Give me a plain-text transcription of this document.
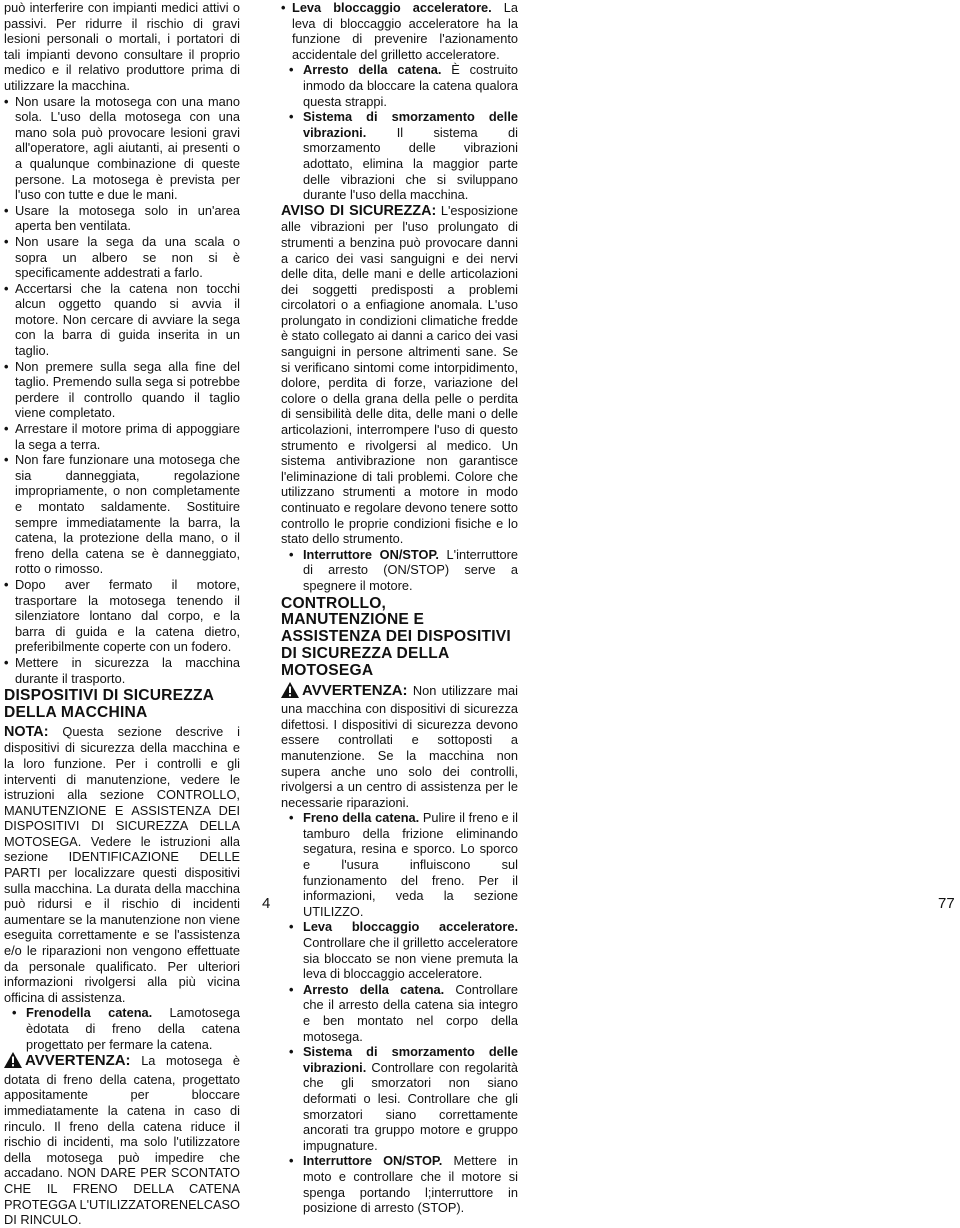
può interferire con impianti medici attivi o passivi. Per ridurre il rischio di gravi lesioni personali o mortali, i portatori di tali impianti devono consultare il proprio medico e il relativo produttore prima di utilizzare la macchina.

• Non usare la motosega con una mano sola. L'uso della motosega con una mano sola può provocare lesioni gravi all'operatore, agli aiutanti, ai presenti o a qualunque combinazione di queste persone. La motosega è prevista per l'uso con tutte e due le mani.
• Usare la motosega solo in un'area aperta ben ventilata.
• Non usare la sega da una scala o sopra un albero se non si è specificamente addestrati a farlo.
• Accertarsi che la catena non tocchi alcun oggetto quando si avvia il motore. Non cercare di avviare la sega con la barra di guida inserita in un taglio.
• Non premere sulla sega alla fine del taglio. Premendo sulla sega si potrebbe perdere il controllo quando il taglio viene completato.
• Arrestare il motore prima di appoggiare la sega a terra.
• Non fare funzionare una motosega che sia danneggiata, regolazione impropriamente, o non completamente e montato saldamente. Sostituire sempre immediatamente la barra, la catena, la protezione della mano, o il freno della catena se è danneggiato, rotto o rimosso.
• Dopo aver fermato il motore, trasportare la motosega tenendo il silenziatore lontano dal corpo, e la barra di guida e la catena dietro, preferibilmente coperte con un fodero.
• Mettere in sicurezza la macchina durante il trasporto.
DISPOSITIVI DI SICUREZZA DELLA MACCHINA

NOTA: Questa sezione descrive i dispositivi di sicurezza della macchina e la loro funzione. Per i controlli e gli interventi di manutenzione, vedere le istruzioni alla sezione CONTROLLO, MANUTENZIONE E ASSISTENZA DEI DISPOSITIVI DI SICUREZZA DELLA MOTOSEGA. Vedere le istruzioni alla sezione IDENTIFICAZIONE DELLE PARTI per localizzare questi dispositivi sulla macchina. La durata della macchina può ridursi e il rischio di incidenti aumentare se la manutenzione non viene eseguita correttamente e se l'assistenza e/o le riparazioni non vengono effettuate da personale qualificato. Per ulteriori informazioni rivolgersi alla più vicina officina di assistenza.

• Frenodella catena. Lamotosega èdotata di freno della catena progettato per fermare la catena.

AVVERTENZA: La motosega è dotata di freno della catena, progettato appositamente per bloccare immediatamente la catena in caso di rinculo. Il freno della catena riduce il rischio di incidenti, ma solo l'utilizzatore della motosega può impedire che accadano. NON DARE PER SCONTATO CHE IL FRENO DELLA CATENA PROTEGGA L'UTILIZZATORENELCASO DI RINCULO.

• Leva bloccaggio acceleratore. La leva di bloccaggio acceleratore ha la funzione di prevenire l'azionamento accidentale del grilletto acceleratore.
• Arresto della catena. È costruito inmodo da bloccare la catena qualora questa strappi.
• Sistema di smorzamento delle vibrazioni. Il sistema di smorzamento delle vibrazioni adottato, elimina la maggior parte delle vibrazioni che si sviluppano durante l'uso della macchina.

AVISO DI SICUREZZA: L'esposizione alle vibrazioni per l'uso prolungato di strumenti a benzina può provocare danni a carico dei vasi sanguigni e dei nervi delle dita, delle mani e delle articolazioni dei soggetti predisposti a problemi circolatori o a enfiagione anomala. L'uso prolungato in condizioni climatiche fredde è stato collegato ai danni a carico dei vasi sanguigni in persone altrimenti sane. Se si verificano sintomi come intorpidimento, dolore, perdita di forze, variazione del colore o della grana della pelle o perdita di sensibilità delle dita, delle mani o delle articolazioni, interrompere l'uso di questo strumento e rivolgersi al medico. Un sistema antivibrazione non garantisce l'eliminazione di tali problemi. Colore che utilizzano strumenti a motore in modo continuato e regolare devono tenere sotto controllo le proprie condizioni fisiche e lo stato dello strumento.

• Interruttore ON/STOP. L'interruttore di arresto (ON/STOP) serve a spegnere il motore.
CONTROLLO, MANUTENZIONE E ASSISTENZA DEI DISPOSITIVI DI SICUREZZA DELLA MOTOSEGA

AVVERTENZA: Non utilizzare mai una macchina con dispositivi di sicurezza difettosi. I dispositivi di sicurezza devono essere controllati e sottoposti a manutenzione. Se la macchina non supera anche uno solo dei controlli, rivolgersi a un centro di assistenza per le necessarie riparazioni.

• Freno della catena. Pulire il freno e il tamburo della frizione eliminando segatura, resina e sporco. Lo sporco e l'usura influiscono sul funzionamento del freno. Per il informazioni, veda la sezione UTILIZZO.
• Leva bloccaggio acceleratore. Controllare che il grilletto acceleratore sia bloccato se non viene premuta la leva di bloccaggio acceleratore.
• Arresto della catena. Controllare che il arresto della catena sia integro e ben montato nel corpo della motosega.
• Sistema di smorzamento delle vibrazioni. Controllare con regolarità che gli smorzatori non siano deformati o lesi. Controllare che gli smorzatori siano correttamente ancorati tra gruppo motore e gruppo impugnature.
• Interruttore ON/STOP. Mettere in moto e controllare che il motore si spenga portando l;interruttore in posizione di arresto (STOP).
4	77
